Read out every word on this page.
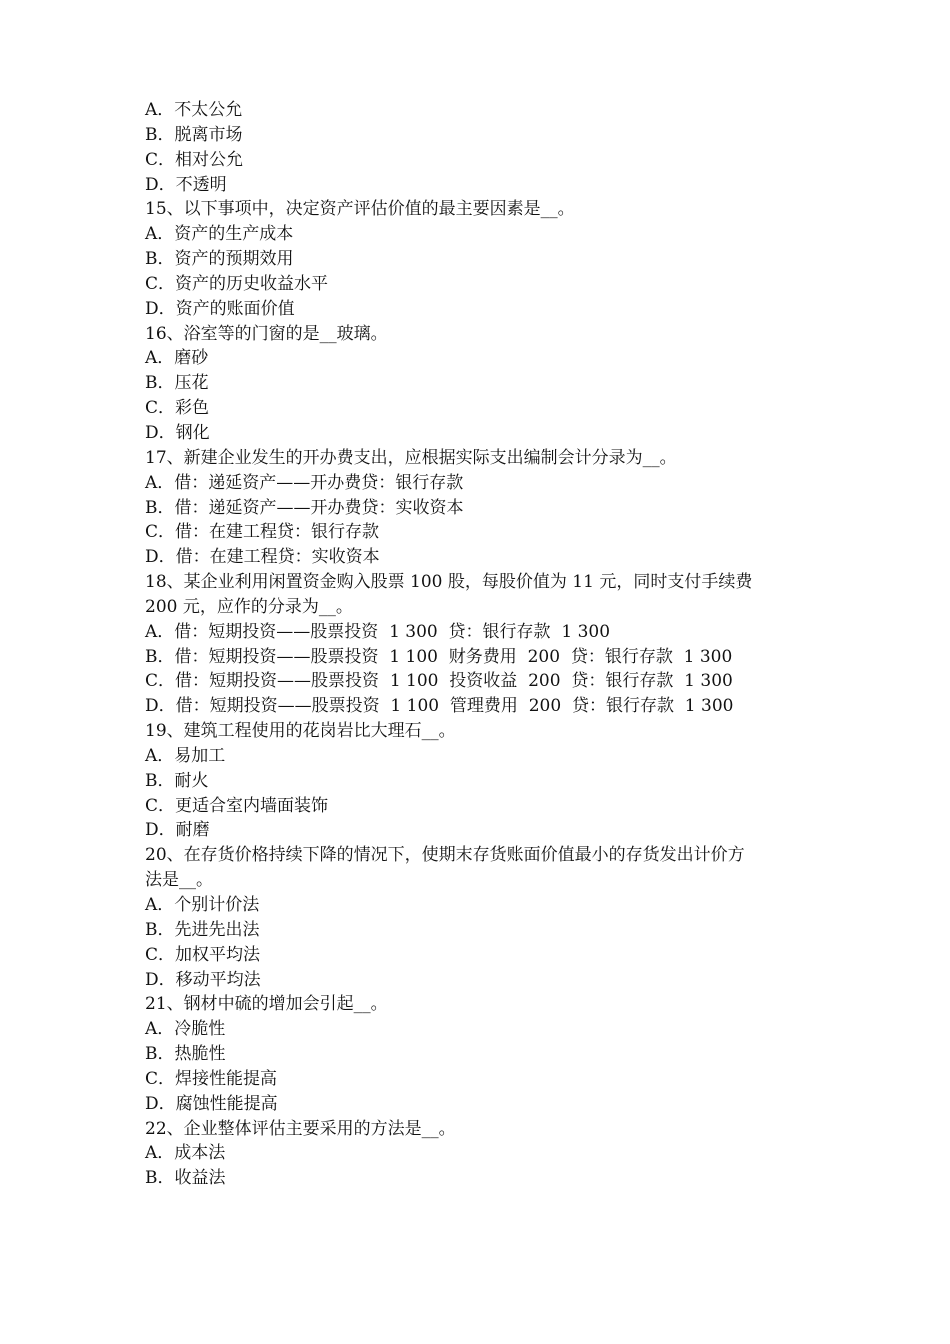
A．不太公允
B．脱离市场
C．相对公允
D．不透明
15、以下事项中，决定资产评估价值的最主要因素是__。
A．资产的生产成本
B．资产的预期效用
C．资产的历史收益水平
D．资产的账面价值
16、浴室等的门窗的是__玻璃。
A．磨砂
B．压花
C．彩色
D．钢化
17、新建企业发生的开办费支出，应根据实际支出编制会计分录为__。
A．借：递延资产——开办费贷：银行存款
B．借：递延资产——开办费贷：实收资本
C．借：在建工程贷：银行存款
D．借：在建工程贷：实收资本
18、某企业利用闲置资金购入股票 100 股，每股价值为 11 元，同时支付手续费
200 元，应作的分录为__。
A．借：短期投资——股票投资  1 300  贷：银行存款  1 300
B．借：短期投资——股票投资  1 100  财务费用  200  贷：银行存款  1 300
C．借：短期投资——股票投资  1 100  投资收益  200  贷：银行存款  1 300
D．借：短期投资——股票投资  1 100  管理费用  200  贷：银行存款  1 300
19、建筑工程使用的花岗岩比大理石__。
A．易加工
B．耐火
C．更适合室内墙面装饰
D．耐磨
20、在存货价格持续下降的情况下，使期末存货账面价值最小的存货发出计价方
法是__。
A．个别计价法
B．先进先出法
C．加权平均法
D．移动平均法
21、钢材中硫的增加会引起__。
A．冷脆性
B．热脆性
C．焊接性能提高
D．腐蚀性能提高
22、企业整体评估主要采用的方法是__。
A．成本法
B．收益法
